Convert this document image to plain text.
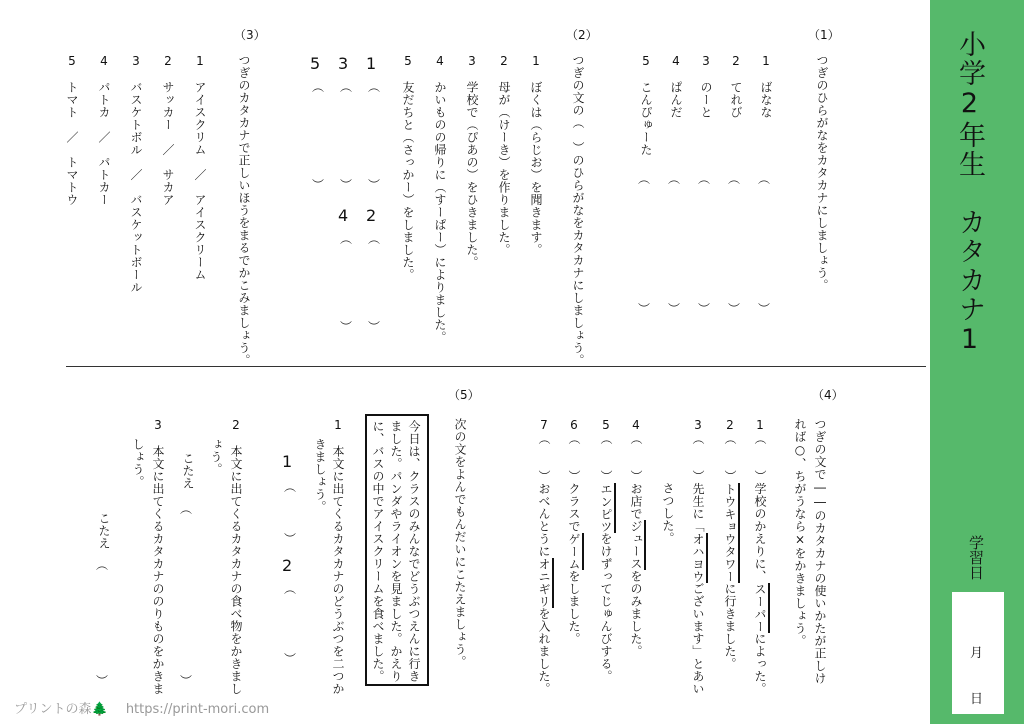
小学2年生　カタカナ1
学習日
月
日
（1）
つぎのひらがなをカタカナにしましょう。
1　ばなな
2　てれび
3　のーと
4　ぱんだ
5　こんぴゅーた
︵
︶
︵
︶
︵
︶
︵
︶
︵
︶
（2）
つぎの文の（　）のひらがなをカタカナにしましょう。
1　ぼくは（らじお）を聞きます。
2　母が（けーき）を作りました。
3　学校で（ぴあの）をひきました。
4　かいものの帰りに（すーぱー）によりました。
5　友だちと（さっかー）をしました。
1
︵
︶
2
︵
︶
3
︵
︶
4
︵
︶
5
︵
︶
（3）
つぎのカタカナで正しいほうをまるでかこみましょう。
1　アイスクリム　／　アイスクリーム
2　サッカー　／　サカア
3　バスケトボル　／　バスケットボール
4　パトカ　／　パトカー
5　トマト　／　トマトウ
（4）
つぎの文で――のカタカナの使いかたが正しけ
れば○、ちがうなら×をかきましょう。
1︵　　︶学校のかえりに、スーパーによった。
2︵　　︶トウキョウタワーに行きました。
3︵　　︶先生に「オハヨウございます」とあい
さつした。
4︵　　︶お店でジュースをのみました。
5︵　　︶エンピツをけずってじゅんびする。
6︵　　︶クラスでゲームをしました。
7︵　　︶おべんとうにオニギリを入れました。
（5）
次の文をよんでもんだいにこたえましょう。
今日は、クラスのみんなでどうぶつえんに行き
ました。パンダやライオンを見ました。かえり
に、バスの中でアイスクリームを食べました。
1　本文に出てくるカタカナのどうぶつを二つか
きましょう。
1
︵
︶
2
︵
︶
2　本文に出てくるカタカナの食べ物をかきまし
ょう。
こたえ
︵
︶
3　本文に出てくるカタカナののりものをかきま
しょう。
こたえ
︵
︶
プリントの森🌲 https://print-mori.com
